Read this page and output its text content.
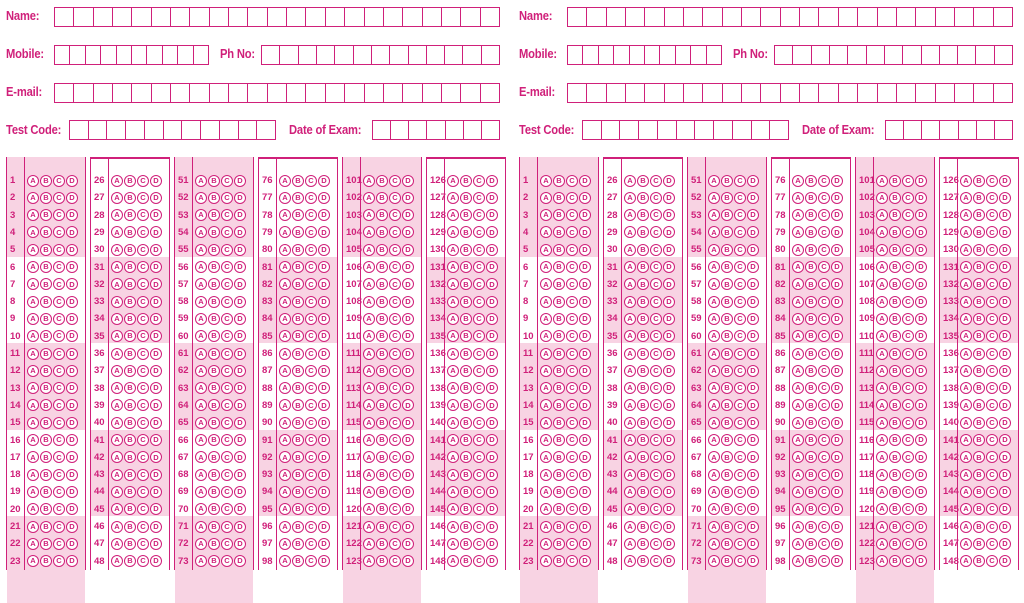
Name:
Mobile:	Ph No:
E-mail:
Test Code:	Date of Exam:
1	A	B	C	D
2	A	B	C	D
3	A	B	C	D
4	A	B	C	D
5	A	B	C	D
6	A	B	C	D
7	A	B	C	D
8	A	B	C	D
9	A	B	C	D
10	A	B	C	D
11	A	B	C	D
12	A	B	C	D
13	A	B	C	D
14	A	B	C	D
15	A	B	C	D
16	A	B	C	D
17	A	B	C	D
18	A	B	C	D
19	A	B	C	D
20	A	B	C	D
21	A	B	C	D
22	A	B	C	D
23	A	B	C	D
26	A	B	C	D
27	A	B	C	D
28	A	B	C	D
29	A	B	C	D
30	A	B	C	D
31	A	B	C	D
32	A	B	C	D
33	A	B	C	D
34	A	B	C	D
35	A	B	C	D
36	A	B	C	D
37	A	B	C	D
38	A	B	C	D
39	A	B	C	D
40	A	B	C	D
41	A	B	C	D
42	A	B	C	D
43	A	B	C	D
44	A	B	C	D
45	A	B	C	D
46	A	B	C	D
47	A	B	C	D
48	A	B	C	D
51	A	B	C	D
52	A	B	C	D
53	A	B	C	D
54	A	B	C	D
55	A	B	C	D
56	A	B	C	D
57	A	B	C	D
58	A	B	C	D
59	A	B	C	D
60	A	B	C	D
61	A	B	C	D
62	A	B	C	D
63	A	B	C	D
64	A	B	C	D
65	A	B	C	D
66	A	B	C	D
67	A	B	C	D
68	A	B	C	D
69	A	B	C	D
70	A	B	C	D
71	A	B	C	D
72	A	B	C	D
73	A	B	C	D
76	A	B	C	D
77	A	B	C	D
78	A	B	C	D
79	A	B	C	D
80	A	B	C	D
81	A	B	C	D
82	A	B	C	D
83	A	B	C	D
84	A	B	C	D
85	A	B	C	D
86	A	B	C	D
87	A	B	C	D
88	A	B	C	D
89	A	B	C	D
90	A	B	C	D
91	A	B	C	D
92	A	B	C	D
93	A	B	C	D
94	A	B	C	D
95	A	B	C	D
96	A	B	C	D
97	A	B	C	D
98	A	B	C	D
101 A	B	C	D
102 A	B	C	D
103 A	B	C	D
104 A	B	C	D
105 A	B	C	D
106 A	B	C	D
107 A	B	C	D
108 A	B	C	D
109 A	B	C	D
110 A	B	C	D
111 A	B	C	D
112 A	B	C	D
113 A	B	C	D
114 A	B	C	D
115 A	B	C	D
116 A	B	C	D
117 A	B	C	D
118 A	B	C	D
119 A	B	C	D
120 A	B	C	D
121 A	B	C	D
122 A	B	C	D
123 A	B	C	D
126 A	B	C	D
127 A	B	C	D
128 A	B	C	D
129 A	B	C	D
130 A	B	C	D
131 A	B	C	D
132 A	B	C	D
133 A	B	C	D
134 A	B	C	D
135 A	B	C	D
136 A	B	C	D
137 A	B	C	D
138 A	B	C	D
139 A	B	C	D
140 A	B	C	D
141 A	B	C	D
142 A	B	C	D
143 A	B	C	D
144 A	B	C	D
145 A	B	C	D
146 A	B	C	D
147 A	B	C	D
148 A	B	C	D
Name:
Mobile:	Ph No:
E-mail:
Test Code:	Date of Exam:
1	A	B	C	D
2	A	B	C	D
3	A	B	C	D
4	A	B	C	D
5	A	B	C	D
6	A	B	C	D
7	A	B	C	D
8	A	B	C	D
9	A	B	C	D
10	A	B	C	D
11	A	B	C	D
12	A	B	C	D
13	A	B	C	D
14	A	B	C	D
15	A	B	C	D
16	A	B	C	D
17	A	B	C	D
18	A	B	C	D
19	A	B	C	D
20	A	B	C	D
21	A	B	C	D
22	A	B	C	D
23	A	B	C	D
26	A	B	C	D
27	A	B	C	D
28	A	B	C	D
29	A	B	C	D
30	A	B	C	D
31	A	B	C	D
32	A	B	C	D
33	A	B	C	D
34	A	B	C	D
35	A	B	C	D
36	A	B	C	D
37	A	B	C	D
38	A	B	C	D
39	A	B	C	D
40	A	B	C	D
41	A	B	C	D
42	A	B	C	D
43	A	B	C	D
44	A	B	C	D
45	A	B	C	D
46	A	B	C	D
47	A	B	C	D
48	A	B	C	D
51	A	B	C	D
52	A	B	C	D
53	A	B	C	D
54	A	B	C	D
55	A	B	C	D
56	A	B	C	D
57	A	B	C	D
58	A	B	C	D
59	A	B	C	D
60	A	B	C	D
61	A	B	C	D
62	A	B	C	D
63	A	B	C	D
64	A	B	C	D
65	A	B	C	D
66	A	B	C	D
67	A	B	C	D
68	A	B	C	D
69	A	B	C	D
70	A	B	C	D
71	A	B	C	D
72	A	B	C	D
73	A	B	C	D
76	A	B	C	D
77	A	B	C	D
78	A	B	C	D
79	A	B	C	D
80	A	B	C	D
81	A	B	C	D
82	A	B	C	D
83	A	B	C	D
84	A	B	C	D
85	A	B	C	D
86	A	B	C	D
87	A	B	C	D
88	A	B	C	D
89	A	B	C	D
90	A	B	C	D
91	A	B	C	D
92	A	B	C	D
93	A	B	C	D
94	A	B	C	D
95	A	B	C	D
96	A	B	C	D
97	A	B	C	D
98	A	B	C	D
101 A	B	C	D
102 A	B	C	D
103 A	B	C	D
104 A	B	C	D
105 A	B	C	D
106 A	B	C	D
107 A	B	C	D
108 A	B	C	D
109 A	B	C	D
110 A	B	C	D
111 A	B	C	D
112 A	B	C	D
113 A	B	C	D
114 A	B	C	D
115 A	B	C	D
116 A	B	C	D
117 A	B	C	D
118 A	B	C	D
119 A	B	C	D
120 A	B	C	D
121 A	B	C	D
122 A	B	C	D
123 A	B	C	D
126 A	B	C	D
127 A	B	C	D
128 A	B	C	D
129 A	B	C	D
130 A	B	C	D
131 A	B	C	D
132 A	B	C	D
133 A	B	C	D
134 A	B	C	D
135 A	B	C	D
136 A	B	C	D
137 A	B	C	D
138 A	B	C	D
139 A	B	C	D
140 A	B	C	D
141 A	B	C	D
142 A	B	C	D
143 A	B	C	D
144 A	B	C	D
145 A	B	C	D
146 A	B	C	D
147 A	B	C	D
148 A	B	C	D
